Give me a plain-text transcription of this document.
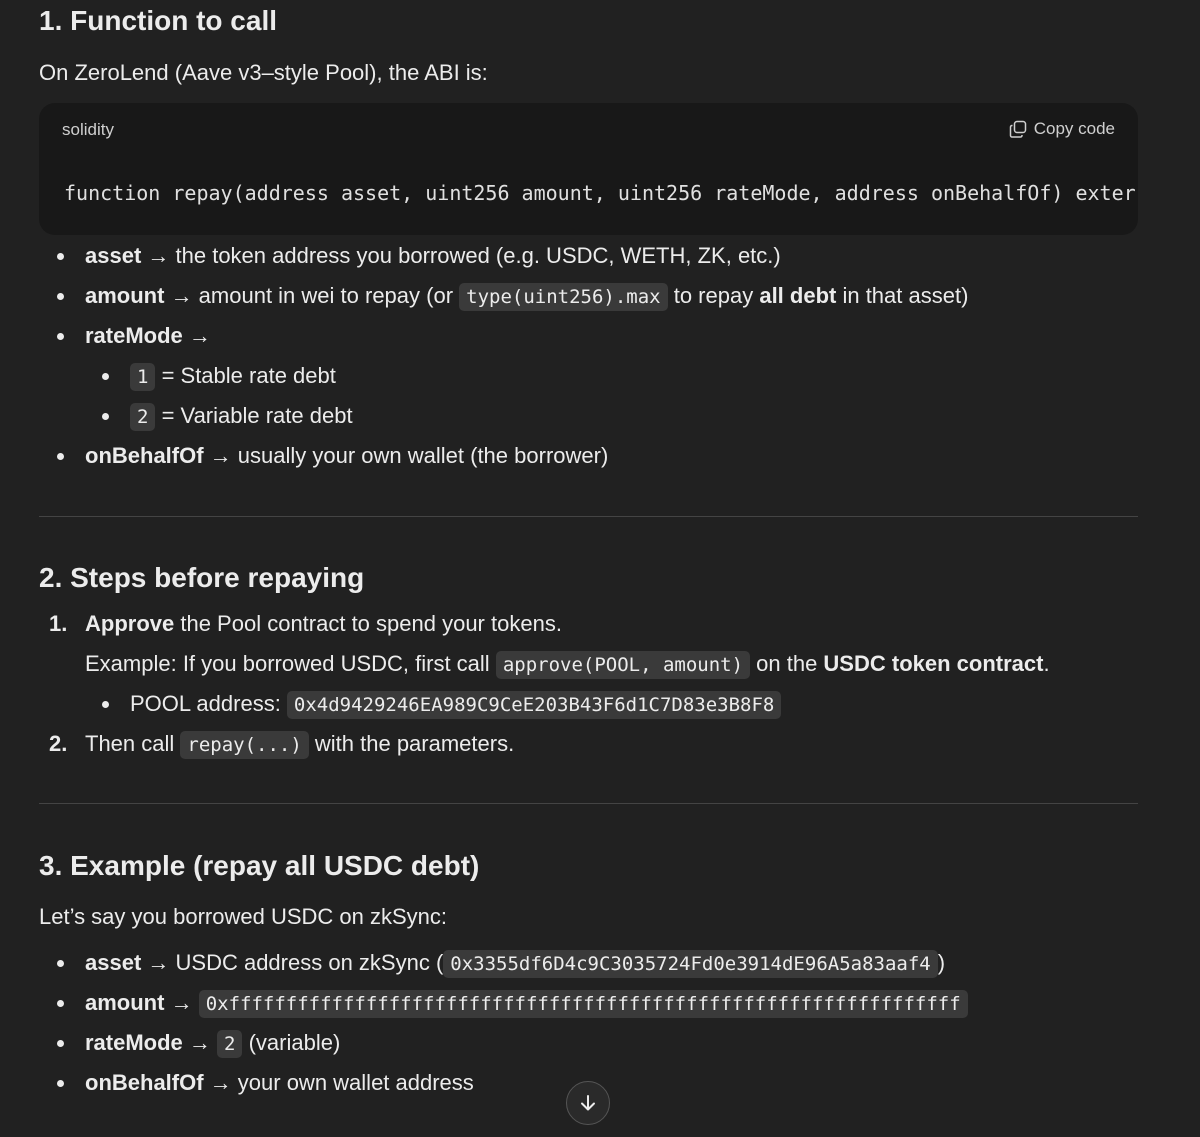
1. Function to call
On ZeroLend (Aave v3–style Pool), the ABI is:
solidity	Copy code
function repay(address asset, uint256 amount, uint256 rateMode, address onBehalfOf) exter
asset → the token address you borrowed (e.g. USDC, WETH, ZK, etc.)
amount → amount in wei to repay (or type(uint256).max to repay all debt in that asset)
rateMode →
1 = Stable rate debt
2 = Variable rate debt
onBehalfOf → usually your own wallet (the borrower)
2. Steps before repaying
1. Approve the Pool contract to spend your tokens.
Example: If you borrowed USDC, first call approve(POOL, amount) on the USDC token contract.
POOL address: 0x4d9429246EA989C9CeE203B43F6d1C7D83e3B8F8
2. Then call repay(...) with the parameters.
3. Example (repay all USDC debt)
Let’s say you borrowed USDC on zkSync:
asset → USDC address on zkSync ( 0x3355df6D4c9C3035724Fd0e3914dE96A5a83aaf4 )
amount → 0xffffffffffffffffffffffffffffffffffffffffffffffffffffffffffffffff
rateMode → 2 (variable)
onBehalfOf → your own wallet address
